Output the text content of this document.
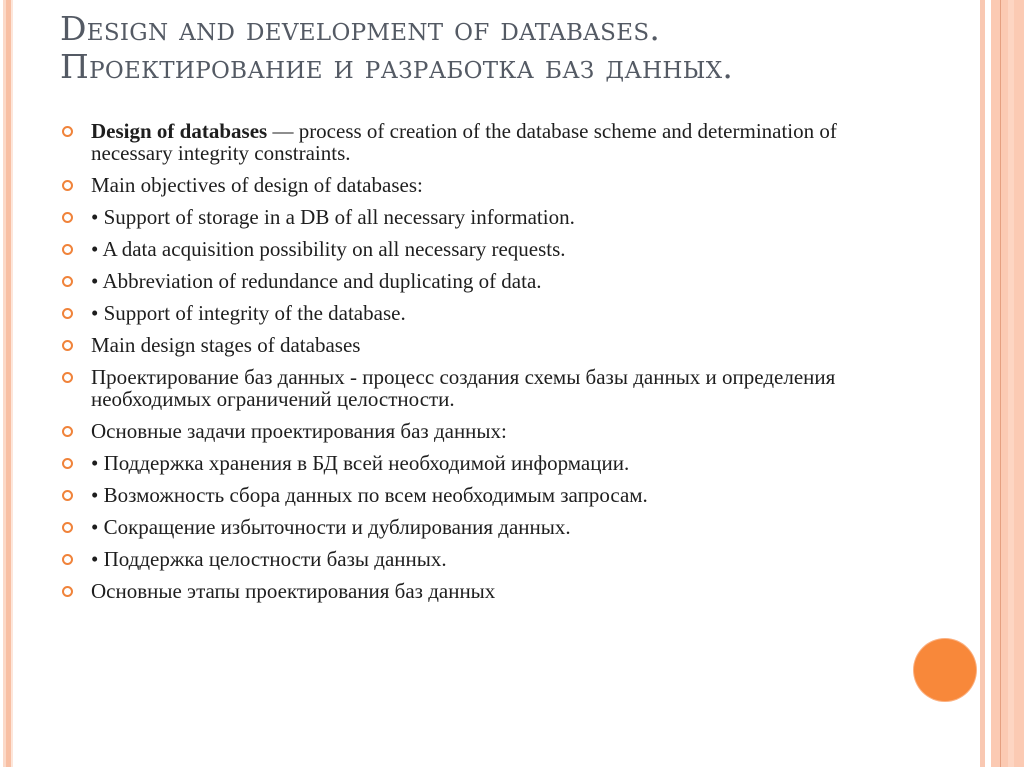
Design and development of databases.
Проектирование и разработка баз данных.
Design of databases — process of creation of the database scheme and determination of necessary integrity constraints.
Main objectives of design of databases:
• Support of storage in a DB of all necessary information.
• A data acquisition possibility on all necessary requests.
• Abbreviation of redundance and duplicating of data.
• Support of integrity of the database.
Main design stages of databases
Проектирование баз данных - процесс создания схемы базы данных и определения необходимых ограничений целостности.
Основные задачи проектирования баз данных:
• Поддержка хранения в БД всей необходимой информации.
• Возможность сбора данных по всем необходимым запросам.
• Сокращение избыточности и дублирования данных.
• Поддержка целостности базы данных.
Основные этапы проектирования баз данных
